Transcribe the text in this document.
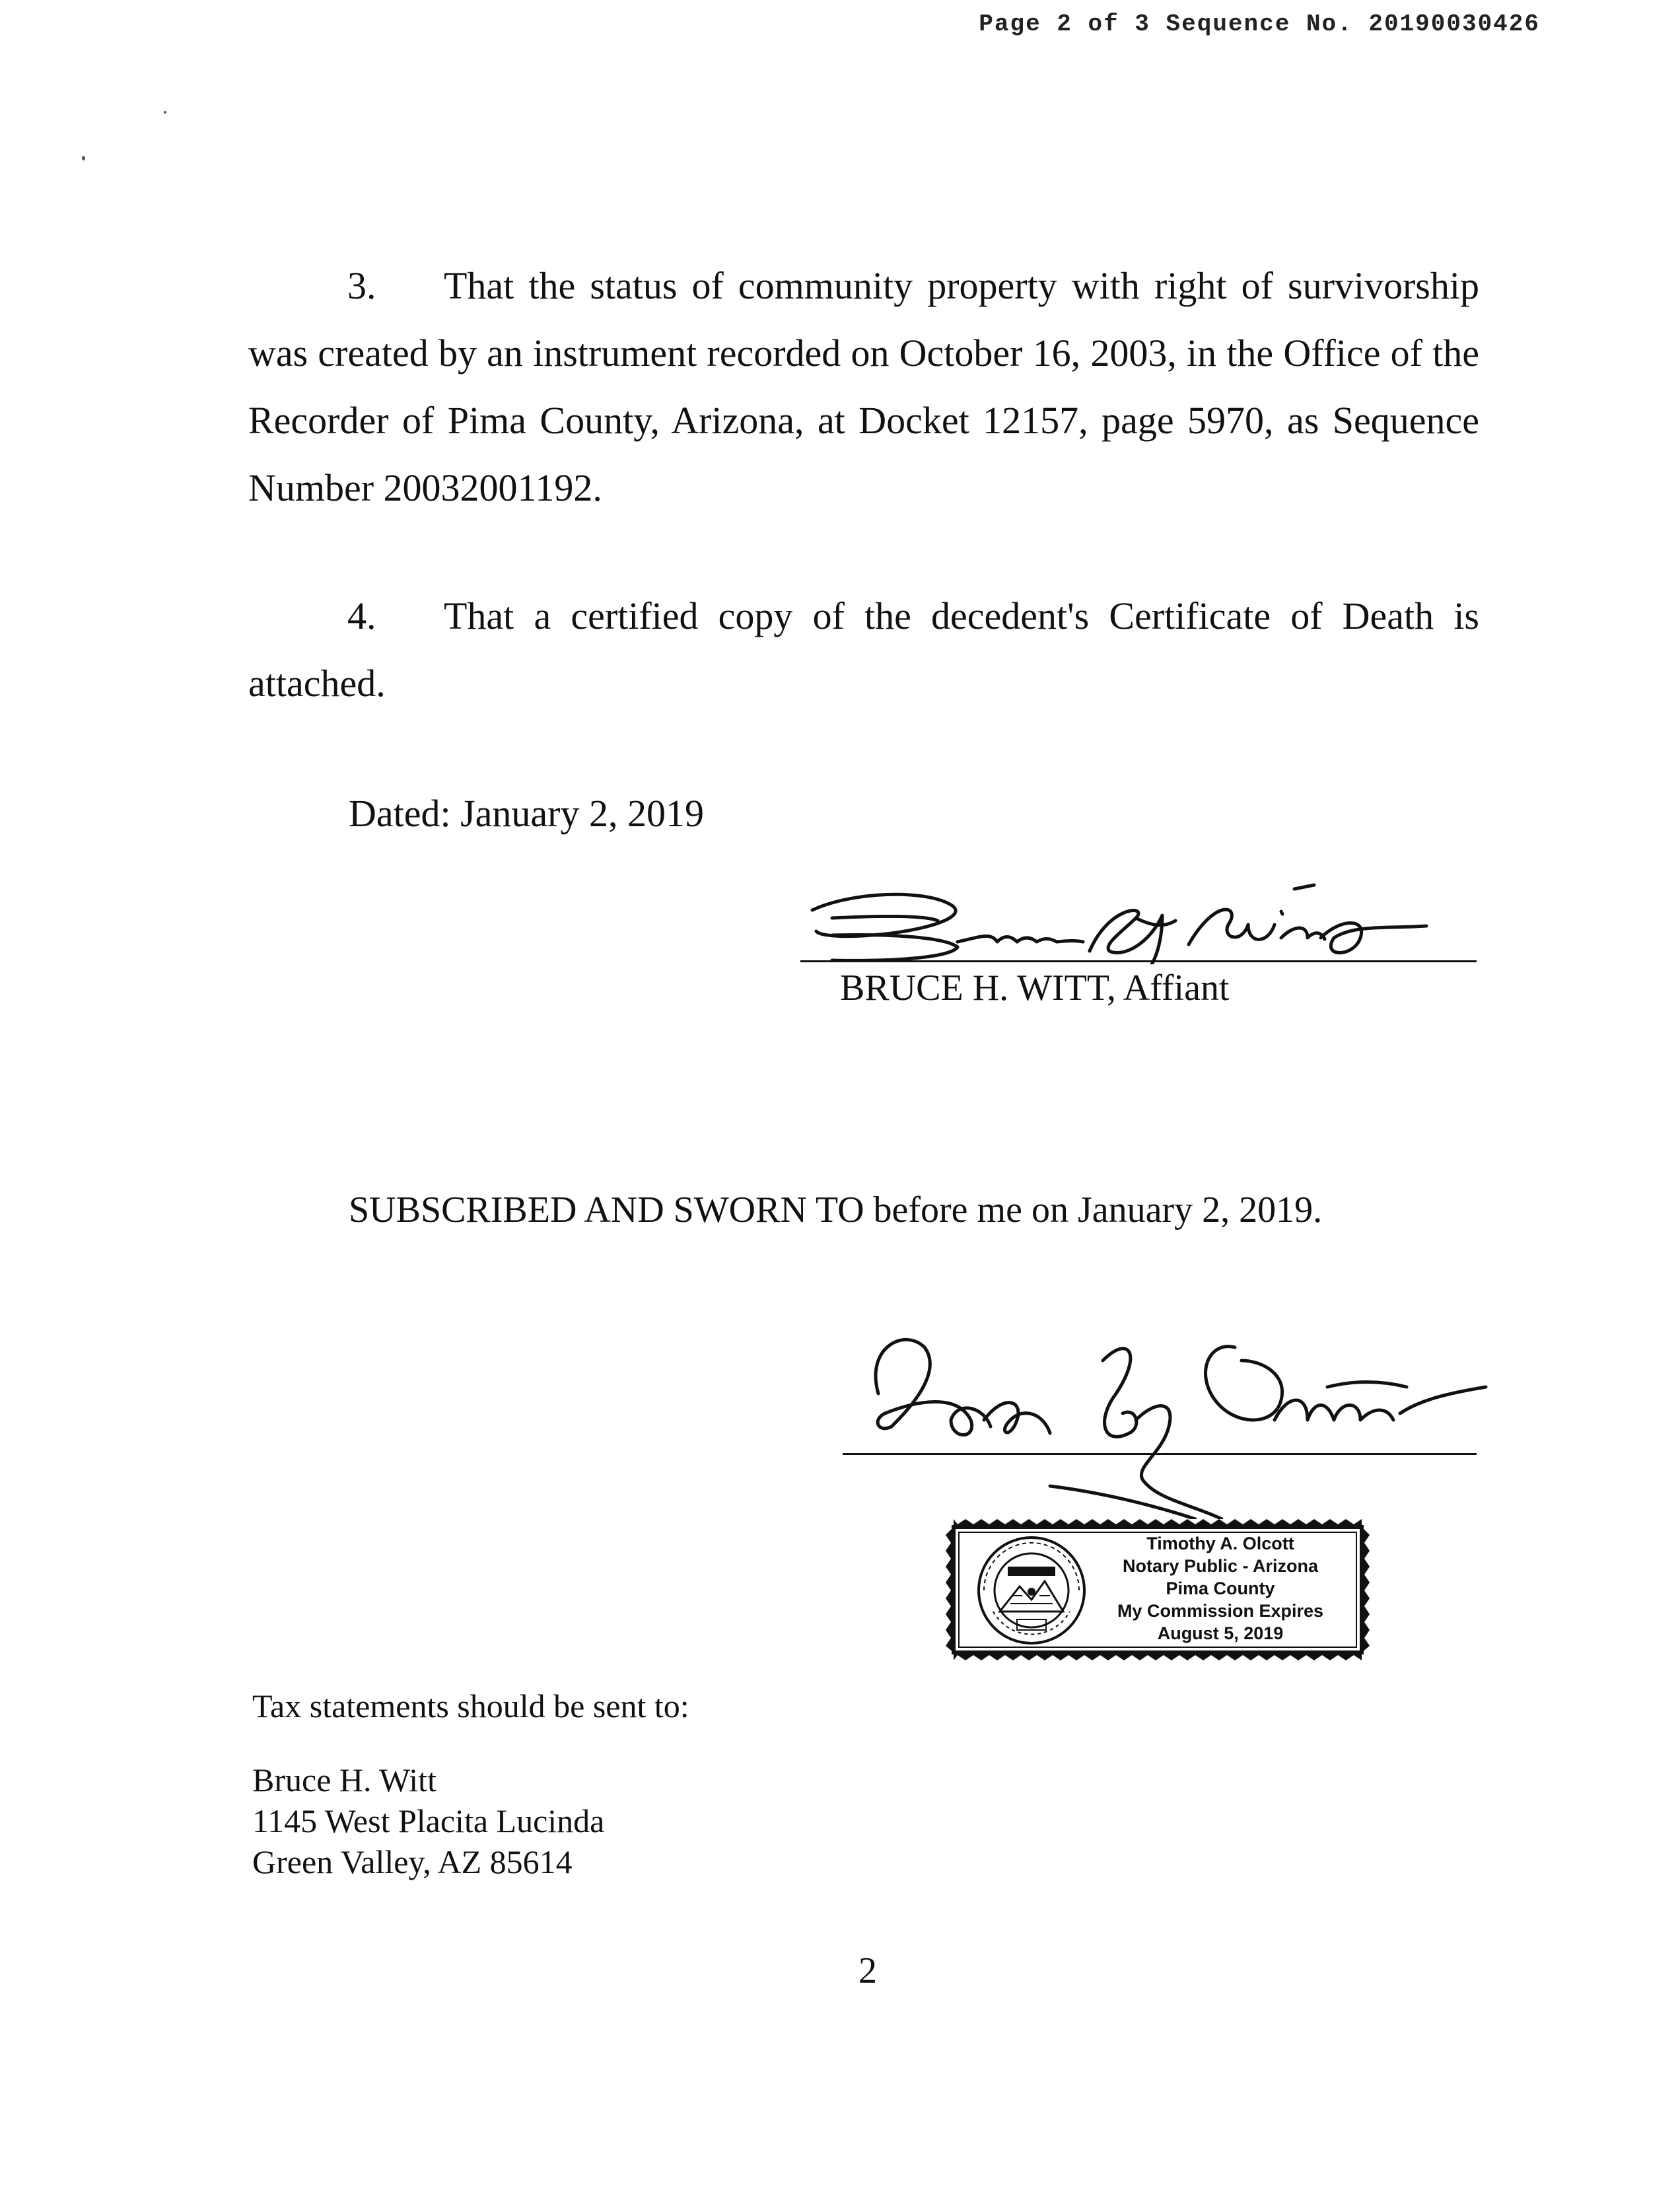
Page 2 of 3 Sequence No. 20190030426
3. That the status of community property with right of survivorship was created by an instrument recorded on October 16, 2003, in the Office of the Recorder of Pima County, Arizona, at Docket 12157, page 5970, as Sequence Number 20032001192.
4. That a certified copy of the decedent's Certificate of Death is attached.
Dated: January 2, 2019
BRUCE H. WITT, Affiant
SUBSCRIBED AND SWORN TO before me on January 2, 2019.
Timothy A. Olcott
Notary Public - Arizona
Pima County
My Commission Expires
August 5, 2019
Tax statements should be sent to:
Bruce H. Witt
1145 West Placita Lucinda
Green Valley, AZ 85614
2
